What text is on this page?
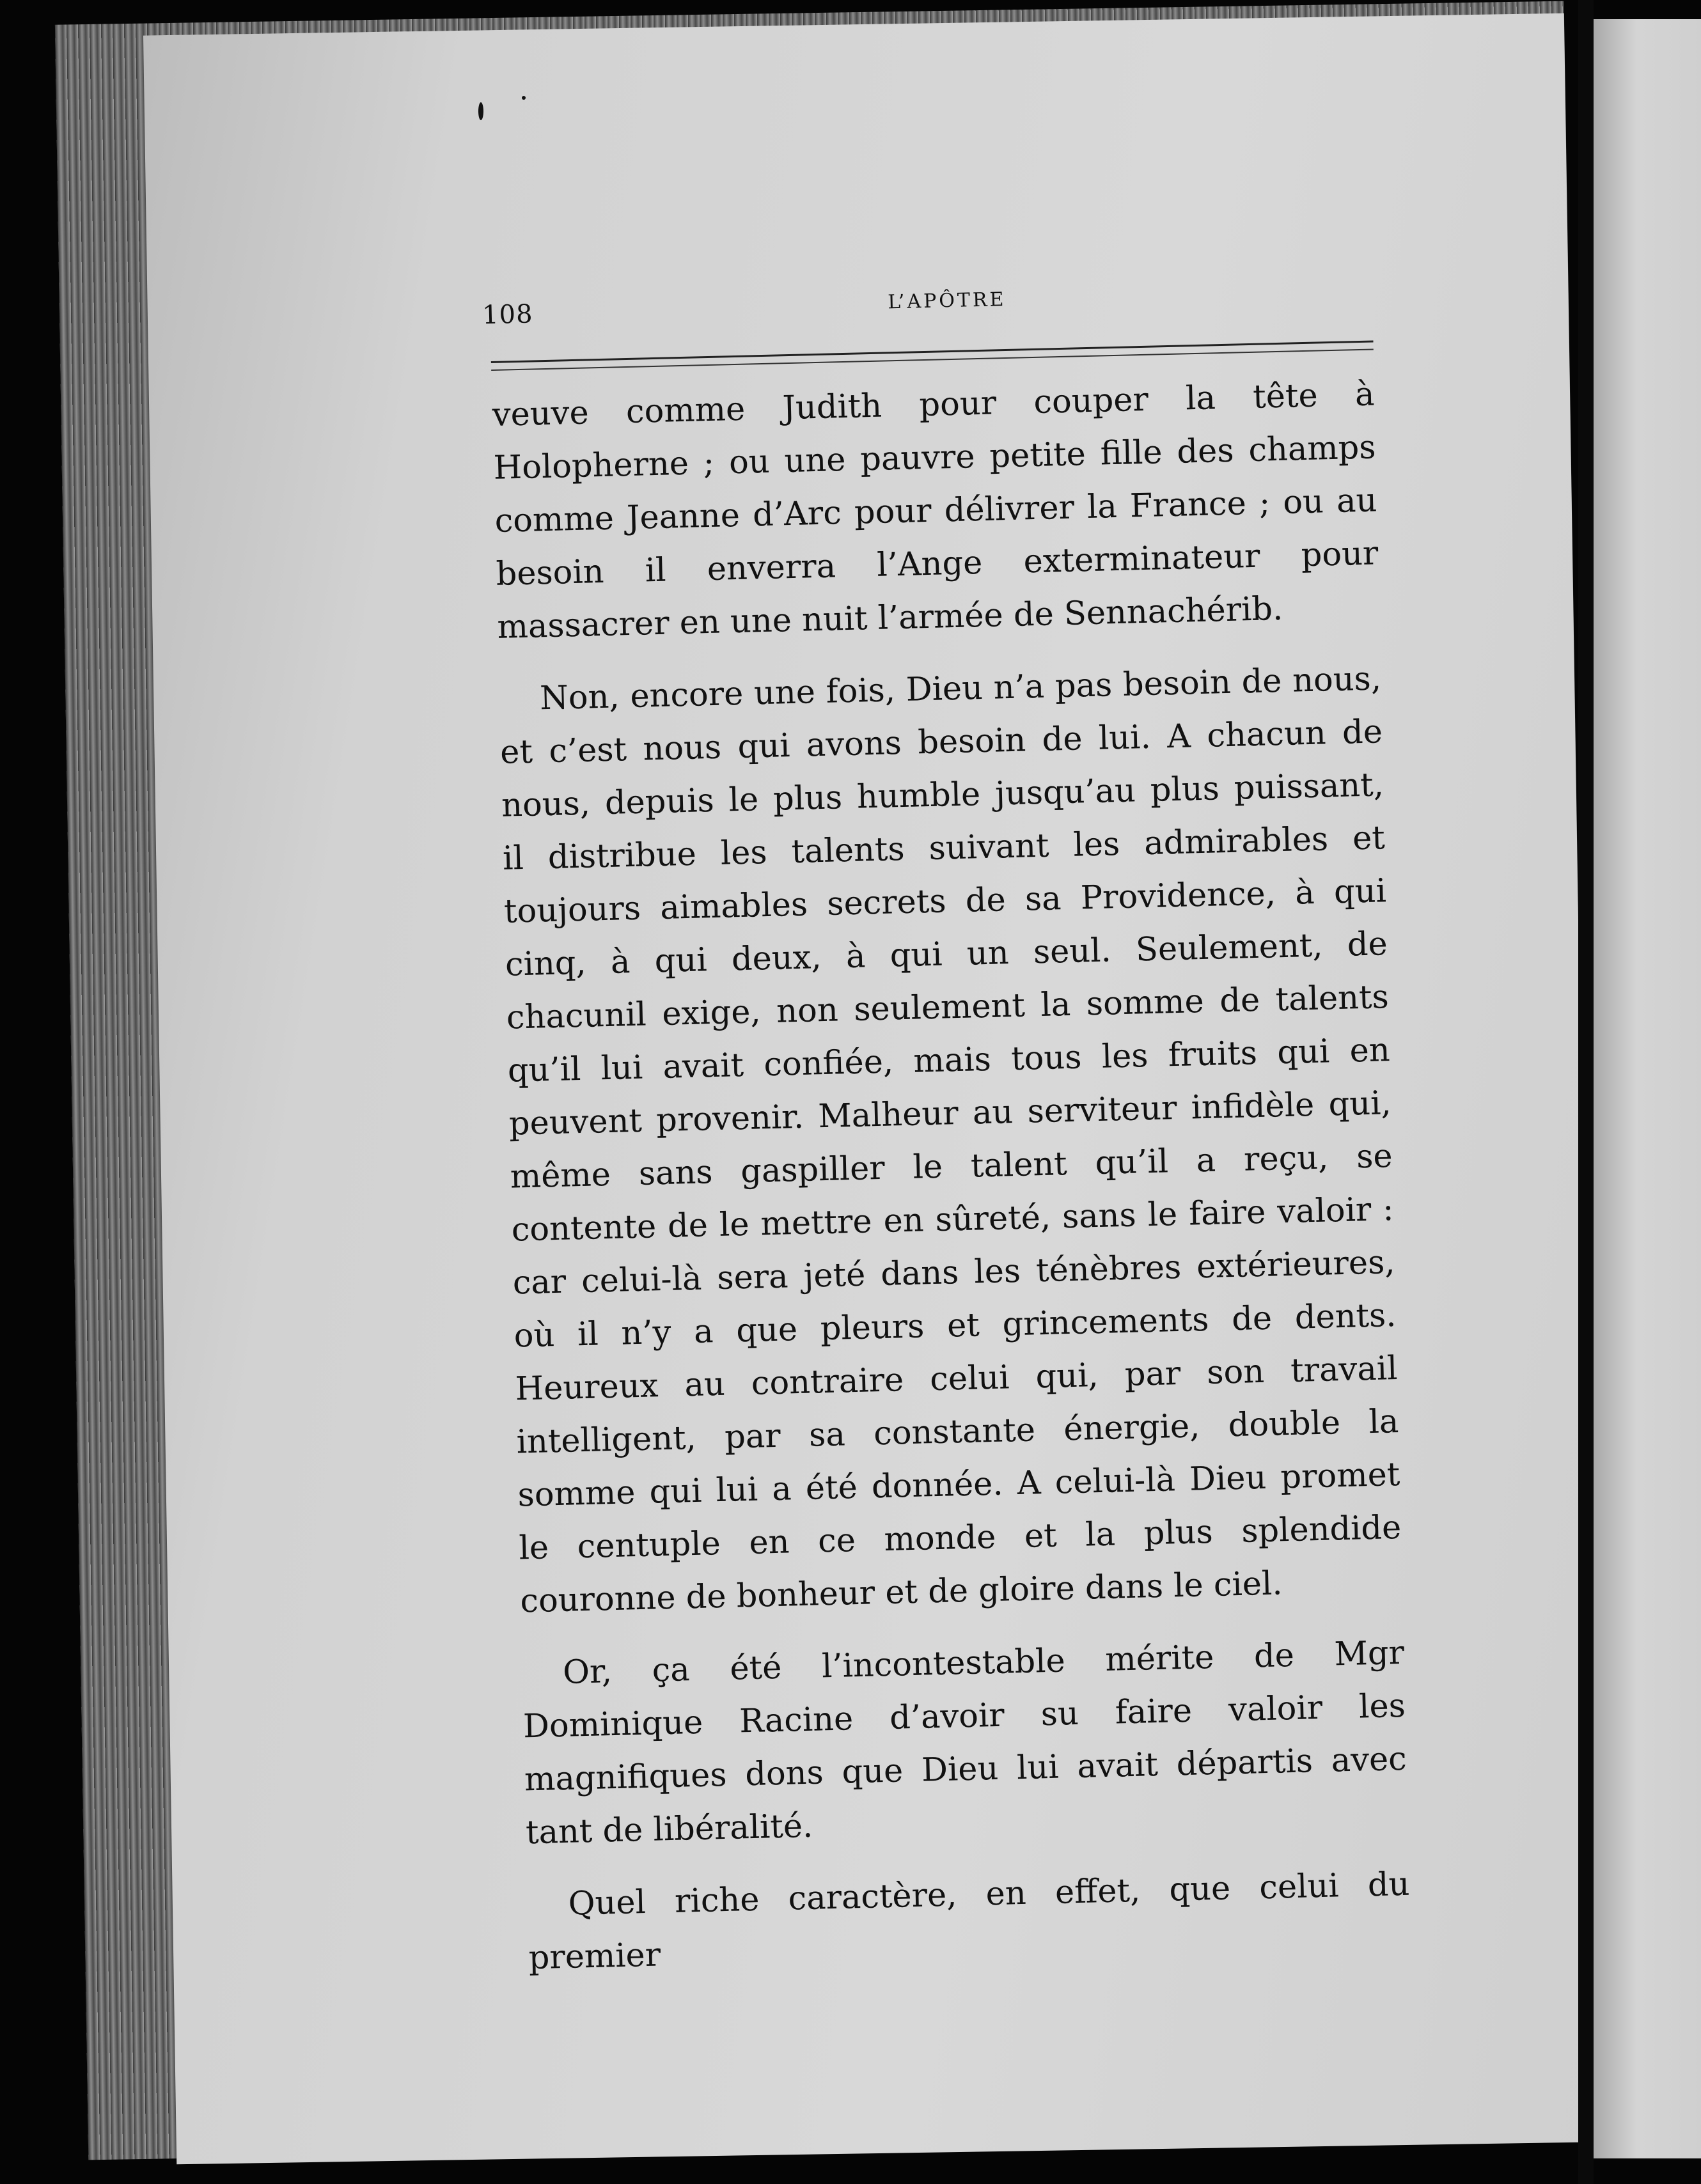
108	L’APÔTRE

veuve comme Judith pour couper la tête à Holopherne ; ou une pauvre petite fille des champs comme Jeanne d’Arc pour délivrer la France ; ou au besoin il enverra l’Ange exterminateur pour massacrer en une nuit l’armée de Sennachérib.

Non, encore une fois, Dieu n’a pas besoin de nous, et c’est nous qui avons besoin de lui. A chacun de nous, depuis le plus humble jusqu’au plus puissant, il distribue les talents suivant les admirables et toujours aimables secrets de sa Providence, à qui cinq, à qui deux, à qui un seul. Seulement, de chacunil exige, non seulement la somme de talents qu’il lui avait confiée, mais tous les fruits qui en peuvent provenir. Malheur au serviteur infidèle qui, même sans gaspiller le talent qu’il a reçu, se contente de le mettre en sûreté, sans le faire valoir : car celui-là sera jeté dans les ténèbres extérieures, où il n’y a que pleurs et grincements de dents. Heureux au contraire celui qui, par son travail intelligent, par sa constante énergie, double la somme qui lui a été donnée. A celui-là Dieu promet le centuple en ce monde et la plus splendide couronne de bonheur et de gloire dans le ciel.

Or, ça été l’incontestable mérite de Mgr Dominique Racine d’avoir su faire valoir les magnifiques dons que Dieu lui avait départis avec tant de libéralité.

Quel riche caractère, en effet, que celui du premier
